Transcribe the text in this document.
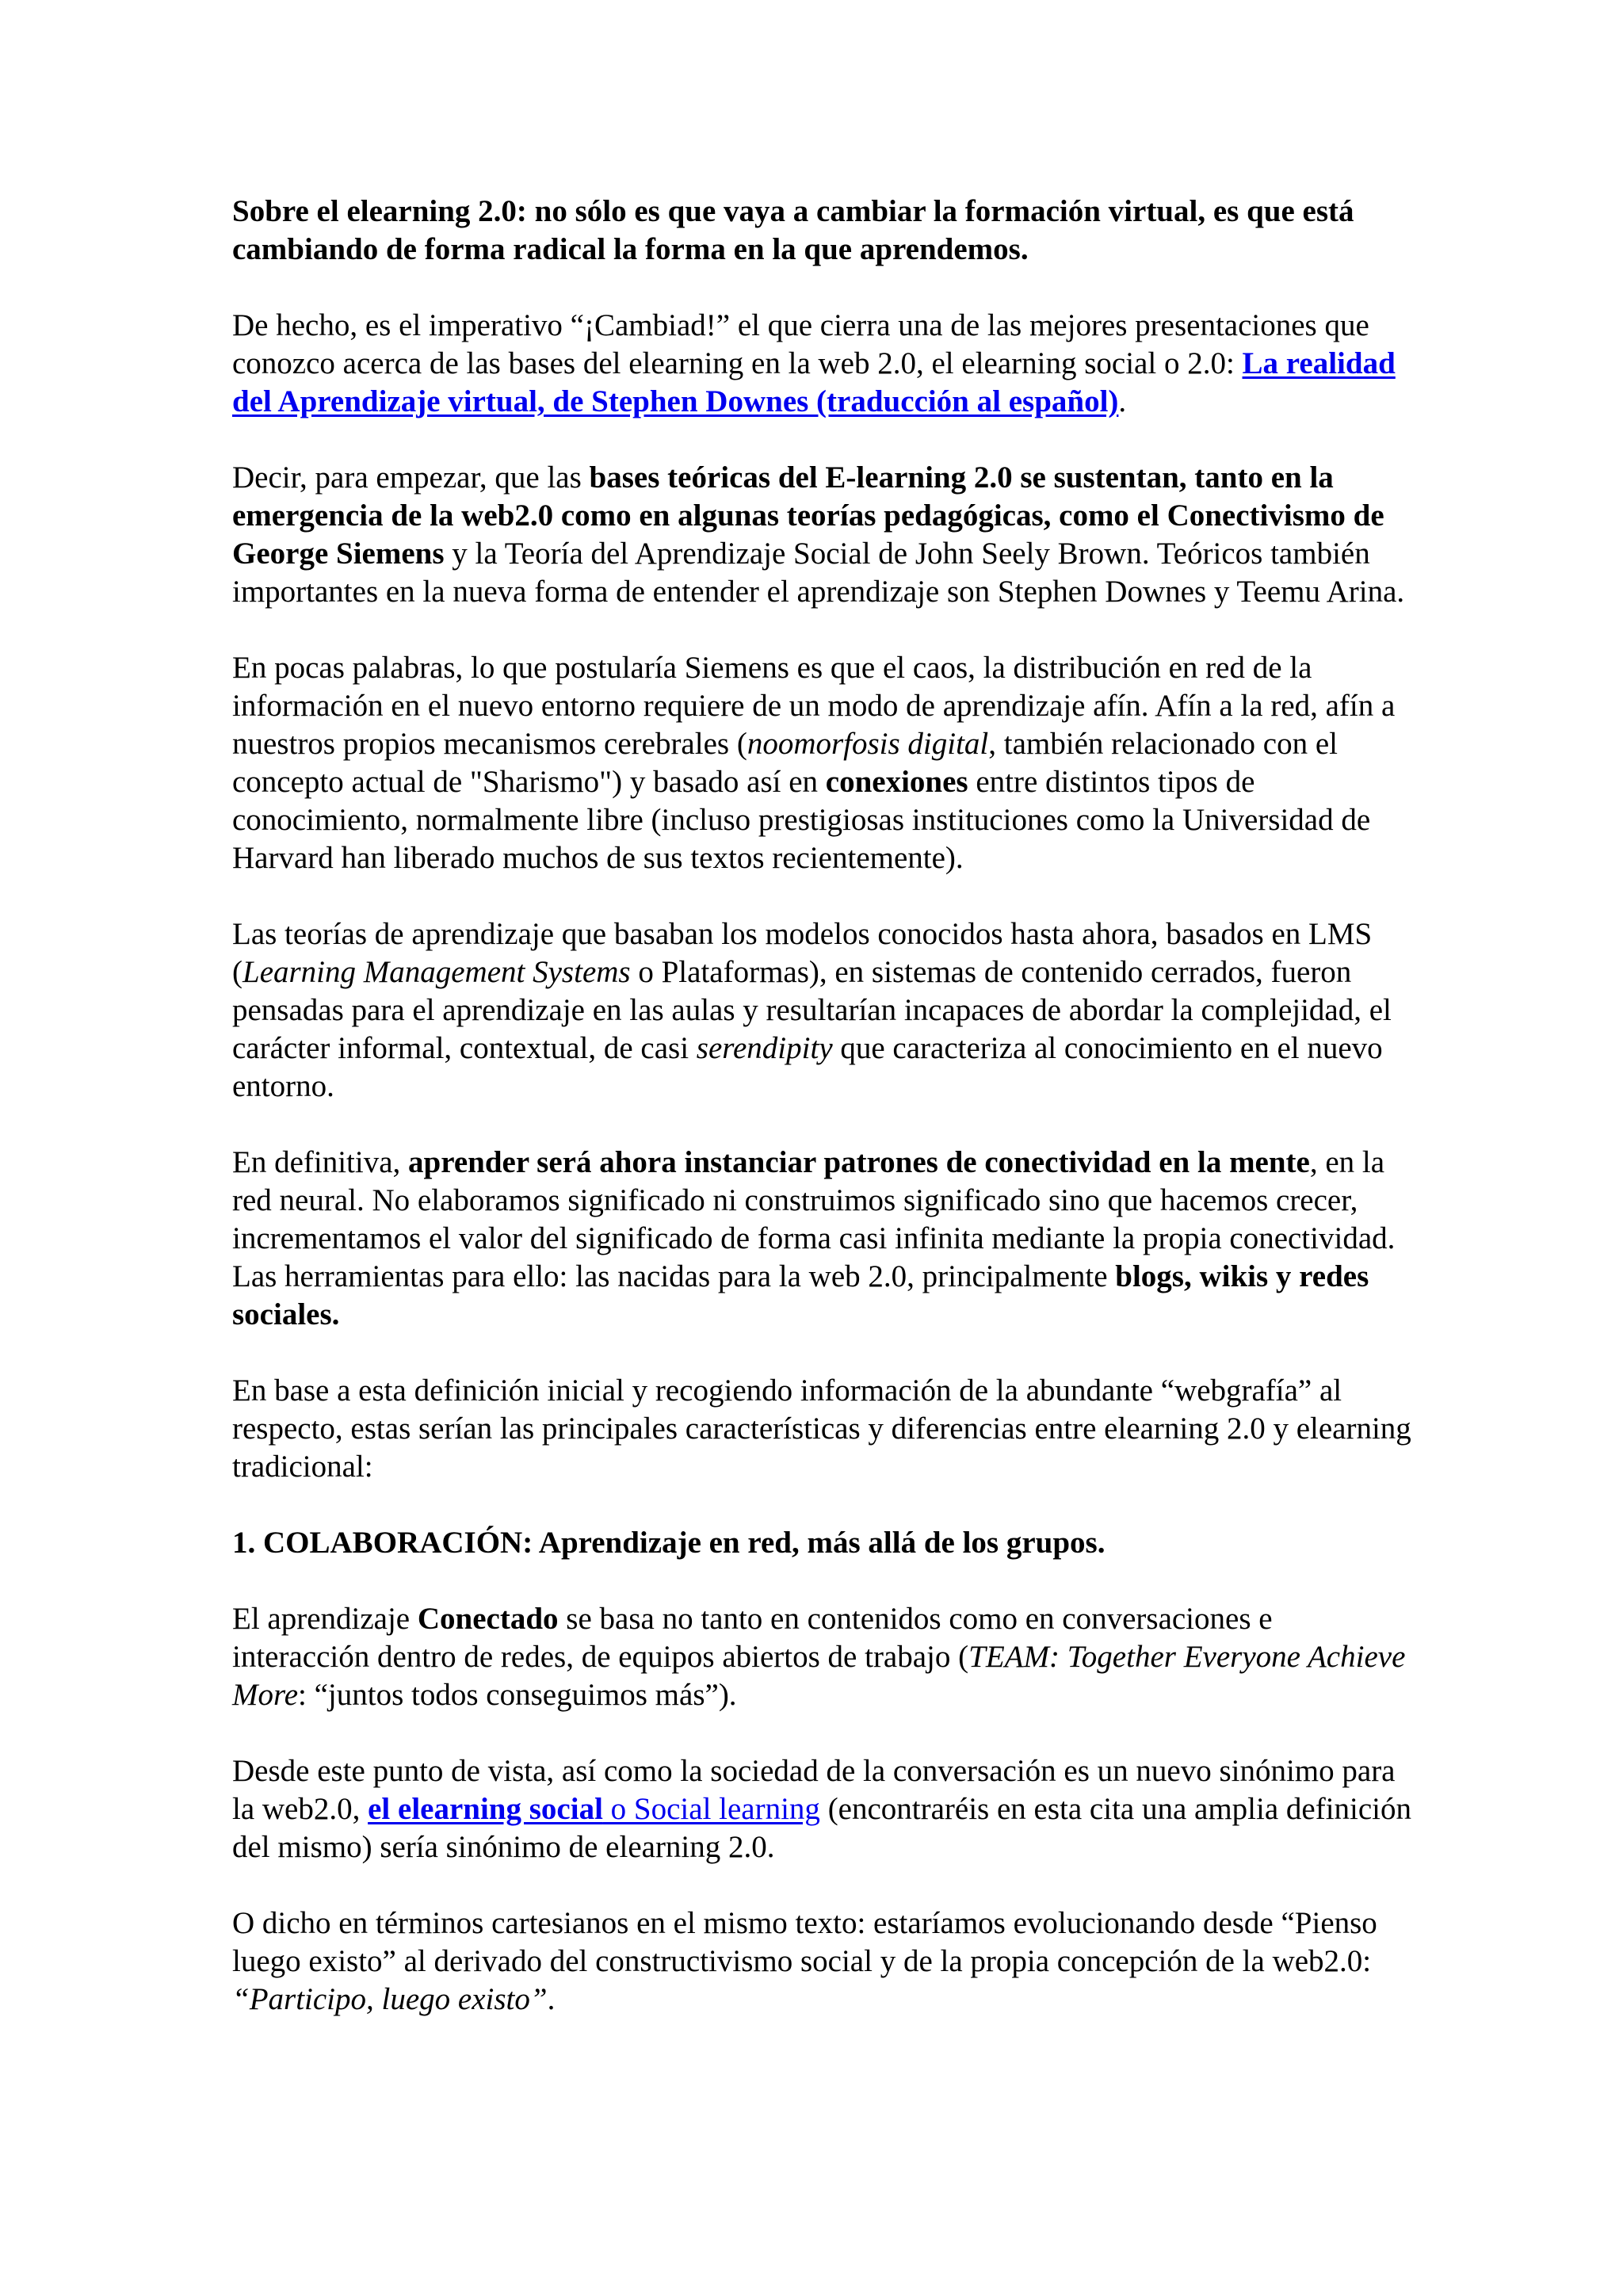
Sobre el elearning 2.0: no sólo es que vaya a cambiar la formación virtual, es que está cambiando de forma radical la forma en la que aprendemos.

De hecho, es el imperativo “¡Cambiad!” el que cierra una de las mejores presentaciones que conozco acerca de las bases del elearning en la web 2.0, el elearning social o 2.0: La realidad del Aprendizaje virtual, de Stephen Downes (traducción al español).

Decir, para empezar, que las bases teóricas del E-learning 2.0 se sustentan, tanto en la emergencia de la web2.0 como en algunas teorías pedagógicas, como el Conectivismo de George Siemens y la Teoría del Aprendizaje Social de John Seely Brown. Teóricos también importantes en la nueva forma de entender el aprendizaje son Stephen Downes y Teemu Arina.

En pocas palabras, lo que postularía Siemens es que el caos, la distribución en red de la información en el nuevo entorno requiere de un modo de aprendizaje afín. Afín a la red, afín a nuestros propios mecanismos cerebrales (noomorfosis digital, también relacionado con el concepto actual de "Sharismo") y basado así en conexiones entre distintos tipos de conocimiento, normalmente libre (incluso prestigiosas instituciones como la Universidad de Harvard han liberado muchos de sus textos recientemente).

Las teorías de aprendizaje que basaban los modelos conocidos hasta ahora, basados en LMS (Learning Management Systems o Plataformas), en sistemas de contenido cerrados, fueron pensadas para el aprendizaje en las aulas y resultarían incapaces de abordar la complejidad, el carácter informal, contextual, de casi serendipity que caracteriza al conocimiento en el nuevo entorno.

En definitiva, aprender será ahora instanciar patrones de conectividad en la mente, en la red neural. No elaboramos significado ni construimos significado sino que hacemos crecer, incrementamos el valor del significado de forma casi infinita mediante la propia conectividad. Las herramientas para ello: las nacidas para la web 2.0, principalmente blogs, wikis y redes sociales.

En base a esta definición inicial y recogiendo información de la abundante “webgrafía” al respecto, estas serían las principales características y diferencias entre elearning 2.0 y elearning tradicional:

1. COLABORACIÓN: Aprendizaje en red, más allá de los grupos.

El aprendizaje Conectado se basa no tanto en contenidos como en conversaciones e interacción dentro de redes, de equipos abiertos de trabajo (TEAM: Together Everyone Achieve More: “juntos todos conseguimos más”).

Desde este punto de vista, así como la sociedad de la conversación es un nuevo sinónimo para la web2.0, el elearning social o Social learning (encontraréis en esta cita una amplia definición del mismo) sería sinónimo de elearning 2.0.

O dicho en términos cartesianos en el mismo texto: estaríamos evolucionando desde “Pienso luego existo” al derivado del constructivismo social y de la propia concepción de la web2.0: “Participo, luego existo”.
